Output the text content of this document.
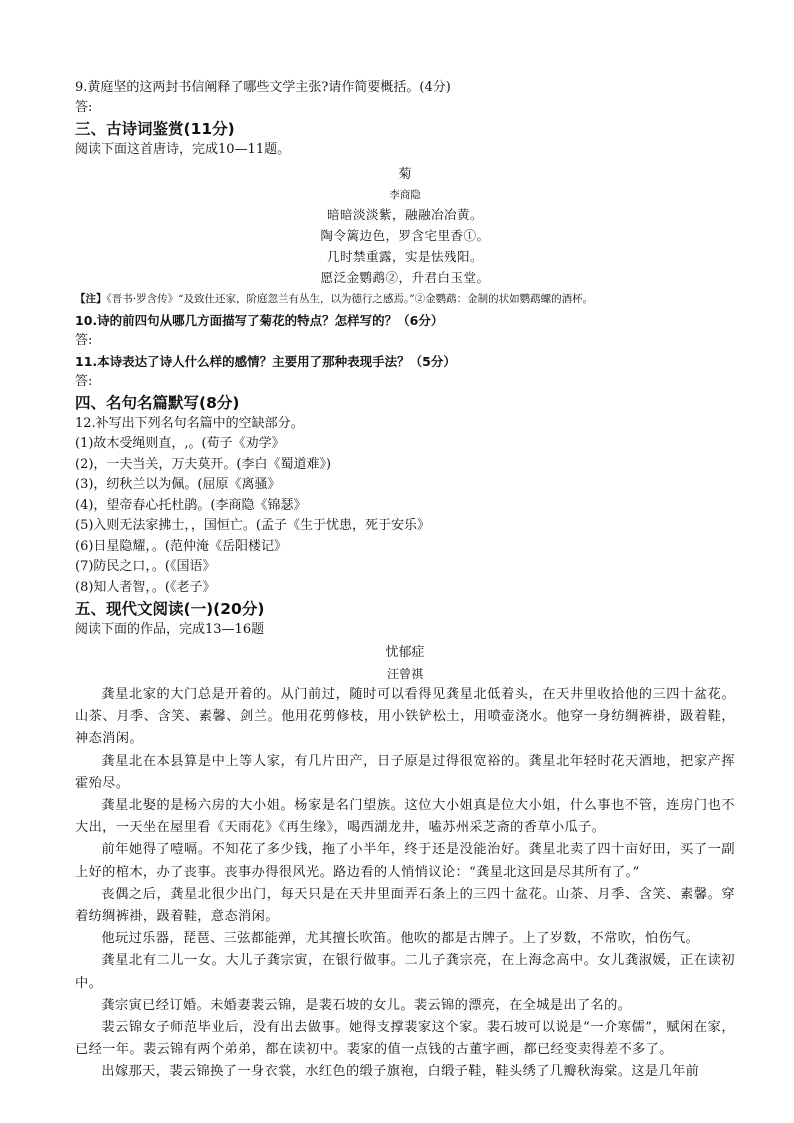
9.黄庭坚的这两封书信阐释了哪些文学主张?请作简要概括。(4分)

答:

三、古诗词鉴赏(11分)

阅读下面这首唐诗，完成10—11题。

菊
李商隐
暗暗淡淡紫，融融冶冶黄。
陶令篱边色，罗含宅里香①。
几时禁重露，实是怯残阳。
愿泛金鹦鹉②，升君白玉堂。

【注】《晋书·罗含传》“及致仕还家，阶庭忽兰有丛生，以为德行之感焉。”②金鹦鹉：金制的状如鹦鹉螺的酒杯。

10.诗的前四句从哪几方面描写了菊花的特点？怎样写的？（6分）

答:

11.本诗表达了诗人什么样的感情？主要用了那种表现手法？（5分）

答:

四、名句名篇默写(8分)

12.补写出下列名句名篇中的空缺部分。

(1)故木受绳则直，,。(荀子《劝学》

(2)，一夫当关，万夫莫开。(李白《蜀道难》)

(3)，纫秋兰以为佩。(屈原《离骚》

(4)，望帝春心托杜鹃。(李商隐《锦瑟》

(5)入则无法家拂士，，国恒亡。(孟子《生于忧患，死于安乐》

(6)日星隐耀，。(范仲淹《岳阳楼记》

(7)防民之口，。(《国语》

(8)知人者智，。(《老子》

五、现代文阅读(一)(20分)

阅读下面的作品，完成13—16题

忧郁症
汪曾祺

龚星北家的大门总是开着的。从门前过，随时可以看得见龚星北低着头，在天井里收拾他的三四十盆花。山茶、月季、含笑、素馨、剑兰。他用花剪修枝，用小铁铲松土，用喷壶浇水。他穿一身纺绸裤褂，趿着鞋，神态消闲。

龚星北在本县算是中上等人家，有几片田产，日子原是过得很宽裕的。龚星北年轻时花天酒地，把家产挥霍殆尽。

龚星北娶的是杨六房的大小姐。杨家是名门望族。这位大小姐真是位大小姐，什么事也不管，连房门也不大出，一天坐在屋里看《天雨花》《再生缘》，喝西湖龙井，嗑苏州采芝斋的香草小瓜子。

前年她得了噎嗝。不知花了多少钱，拖了小半年，终于还是没能治好。龚星北卖了四十亩好田，买了一副上好的棺木，办了丧事。丧事办得很风光。路边看的人悄悄议论：“龚星北这回是尽其所有了。”

丧偶之后，龚星北很少出门，每天只是在天井里面弄石条上的三四十盆花。山茶、月季、含笑、素馨。穿着纺绸裤褂，趿着鞋，意态消闲。

他玩过乐器，琵琶、三弦都能弹，尤其擅长吹笛。他吹的都是古牌子。上了岁数，不常吹，怕伤气。

龚星北有二儿一女。大儿子龚宗寅，在银行做事。二儿子龚宗亮，在上海念高中。女儿龚淑媛，正在读初中。

龚宗寅已经订婚。未婚妻裴云锦，是裴石坡的女儿。裴云锦的漂亮，在全城是出了名的。

裴云锦女子师范毕业后，没有出去做事。她得支撑裴家这个家。裴石坡可以说是“一介寒儒”，赋闲在家，已经一年。裴云锦有两个弟弟，都在读初中。裴家的值一点钱的古董字画，都已经变卖得差不多了。

出嫁那天，裴云锦换了一身衣裳，水红色的缎子旗袍，白缎子鞋，鞋头绣了几瓣秋海棠。这是几年前
